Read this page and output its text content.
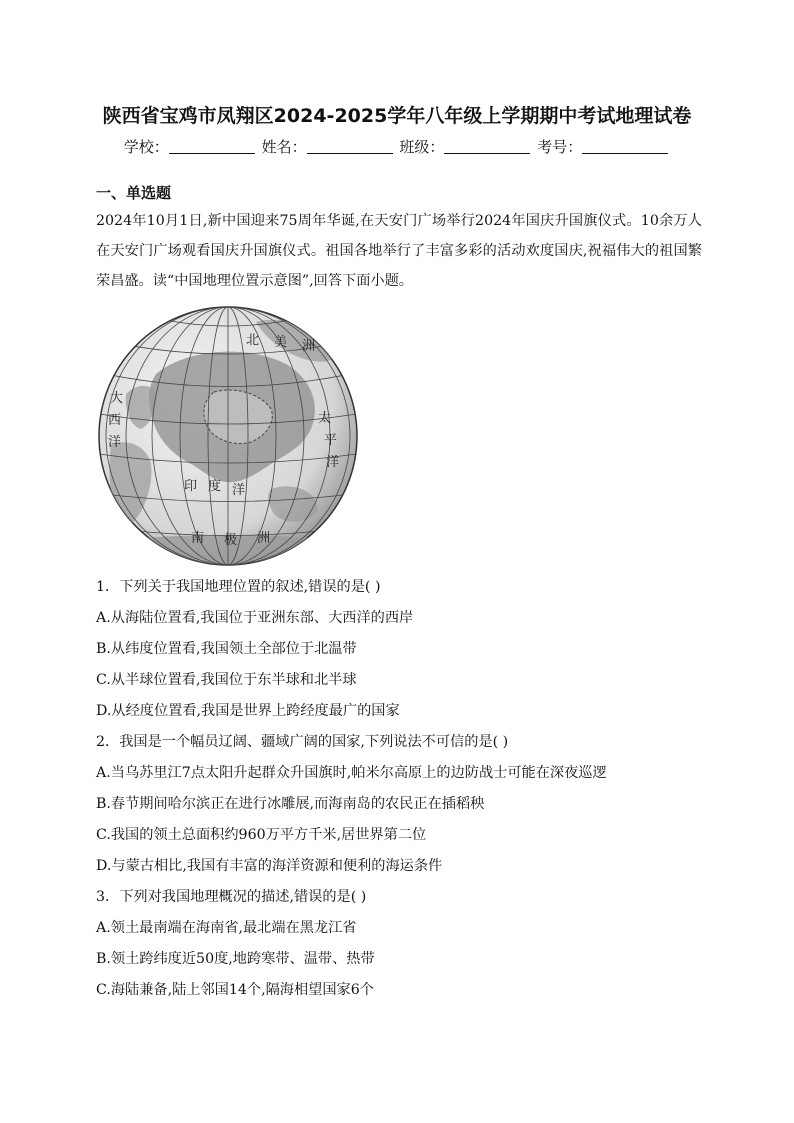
陕西省宝鸡市凤翔区2024-2025学年八年级上学期期中考试地理试卷
学校：	姓名：	班级：	考号：
一、单选题
2024年10月1日,新中国迎来75周年华诞,在天安门广场举行2024年国庆升国旗仪式。10余万人在天安门广场观看国庆升国旗仪式。祖国各地举行了丰富多彩的活动欢度国庆,祝福伟大的祖国繁荣昌盛。读“中国地理位置示意图”,回答下面小题。
北 美 洲
大
西
洋
太
平
洋
印 度 洋
南 极 洲
1．下列关于我国地理位置的叙述,错误的是( )
A.从海陆位置看,我国位于亚洲东部、大西洋的西岸
B.从纬度位置看,我国领土全部位于北温带
C.从半球位置看,我国位于东半球和北半球
D.从经度位置看,我国是世界上跨经度最广的国家
2．我国是一个幅员辽阔、疆域广阔的国家,下列说法不可信的是( )
A.当乌苏里江7点太阳升起群众升国旗时,帕米尔高原上的边防战士可能在深夜巡逻
B.春节期间哈尔滨正在进行冰雕展,而海南岛的农民正在插稻秧
C.我国的领土总面积约960万平方千米,居世界第二位
D.与蒙古相比,我国有丰富的海洋资源和便利的海运条件
3．下列对我国地理概况的描述,错误的是( )
A.领土最南端在海南省,最北端在黑龙江省
B.领土跨纬度近50度,地跨寒带、温带、热带
C.海陆兼备,陆上邻国14个,隔海相望国家6个
